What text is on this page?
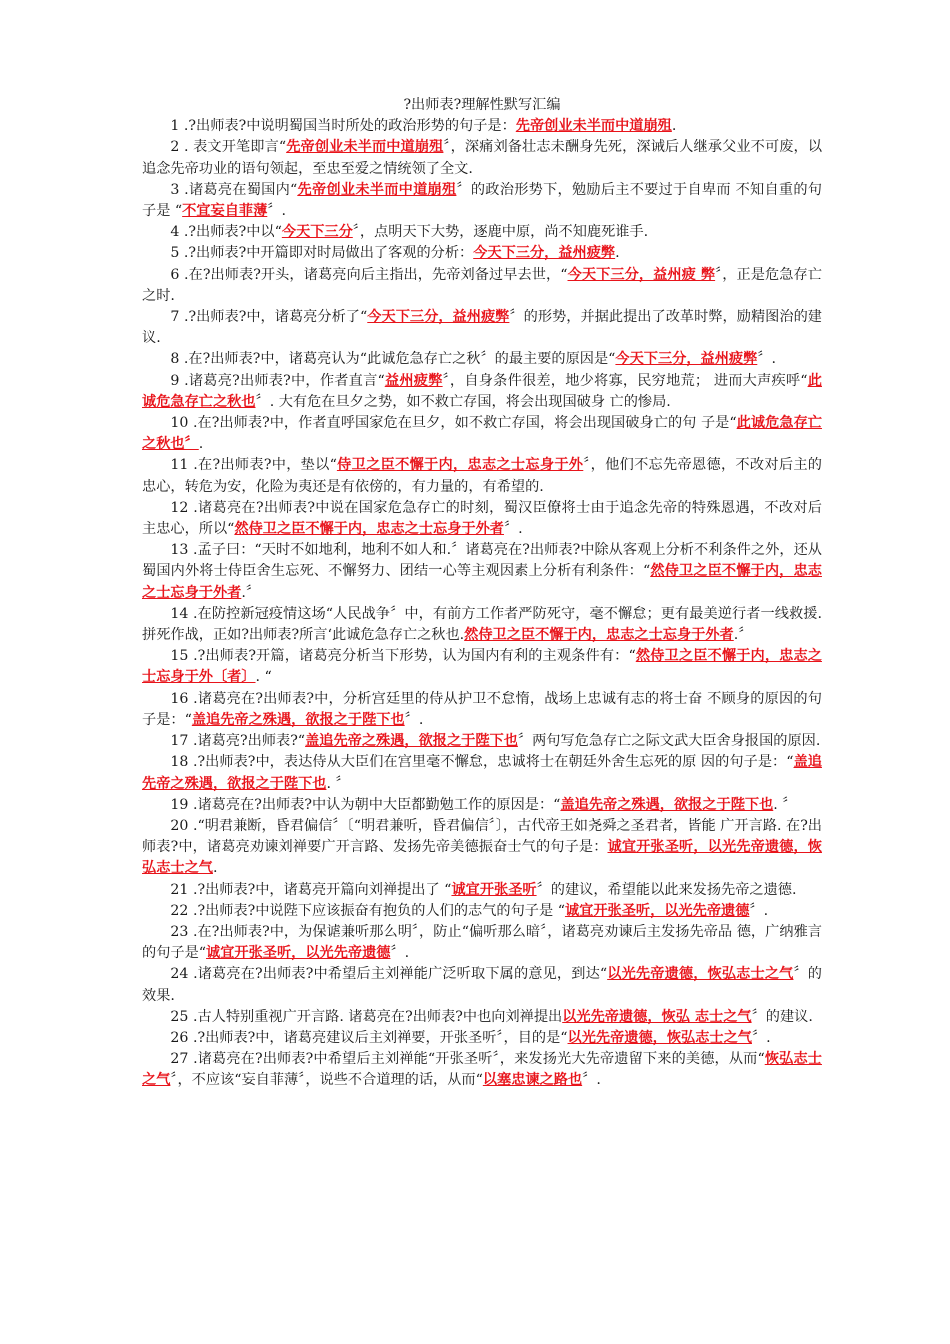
?出师表?理解性默写汇编

1 .?出师表?中说明蜀国当时所处的政治形势的句子是：先帝创业未半而中道崩殂.

2 . 表文开笔即言“先帝创业未半而中道崩殂〞，深痛刘备壮志未酬身先死，深诫后人继承父业不可废，以追念先帝功业的语句领起，至忠至爱之情统领了全文.

3 .诸葛亮在蜀国内“先帝创业未半而中道崩殂〞的政治形势下，勉励后主不要过于自卑而 不知自重的句子是 “不宜妄自菲薄〞.

4 .?出师表?中以“今天下三分〞，点明天下大势，逐鹿中原，尚不知鹿死谁手.

5 .?出师表?中开篇即对时局做出了客观的分析：今天下三分，益州疲弊.

6 .在?出师表?开头，诸葛亮向后主指出，先帝刘备过早去世，“今天下三分，益州疲 弊〞，正是危急存亡之时.

7 .?出师表?中，诸葛亮分析了“今天下三分，益州疲弊〞的形势，并据此提出了改革时弊，励精图治的建议.

8 .在?出师表?中，诸葛亮认为“此诚危急存亡之秋〞的最主要的原因是“今天下三分，益州疲弊〞.

9 .诸葛亮?出师表?中，作者直言“益州疲弊〞，自身条件很差，地少将寡，民穷地荒； 进而大声疾呼“此诚危急存亡之秋也〞. 大有危在旦夕之势，如不救亡存国，将会出现国破身 亡的惨局.

10 .在?出师表?中，作者直呼国家危在旦夕，如不救亡存国，将会出现国破身亡的句 子是“此诚危急存亡之秋也〞.

11 .在?出师表?中，垫以“侍卫之臣不懈于内，忠志之士忘身于外〞，他们不忘先帝恩德，不改对后主的忠心，转危为安，化险为夷还是有依傍的，有力量的，有希望的.

12 .诸葛亮在?出师表?中说在国家危急存亡的时刻，蜀汉臣僚将士由于追念先帝的特殊恩遇，不改对后主忠心，所以“然侍卫之臣不懈于内，忠志之士忘身于外者〞.

13 .孟子曰：“天时不如地利，地利不如人和.〞诸葛亮在?出师表?中除从客观上分析不利条件之外，还从蜀国内外将士侍臣舍生忘死、不懈努力、团结一心等主观因素上分析有利条件：“然侍卫之臣不懈于内，忠志之士忘身于外者.〞

14 .在防控新冠疫情这场“人民战争〞中，有前方工作者严防死守，毫不懈怠；更有最美逆行者一线救援.拼死作战，正如?出师表?所言‘此诚危急存亡之秋也.然侍卫之臣不懈于内，忠志之士忘身于外者.〞

15 .?出师表?开篇，诸葛亮分析当下形势，认为国内有利的主观条件有：“然侍卫之臣不懈于内，忠志之士忘身于外〔者〕. “

16 .诸葛亮在?出师表?中，分析宫廷里的侍从护卫不怠惰，战场上忠诚有志的将士奋 不顾身的原因的句子是：“盖追先帝之殊遇，欲报之于陛下也〞.

17 .诸葛亮?出师表?“盖追先帝之殊遇，欲报之于陛下也〞两句写危急存亡之际文武大臣舍身报国的原因.

18 .?出师表?中，表达侍从大臣们在宫里毫不懈怠，忠诚将士在朝廷外舍生忘死的原 因的句子是：“盖追先帝之殊遇，欲报之于陛下也. 〞

19 .诸葛亮在?出师表?中认为朝中大臣都勤勉工作的原因是：“盖追先帝之殊遇，欲报之于陛下也. 〞

20 .“明君兼断，昏君偏信〞〔“明君兼听，昏君偏信〞〕，古代帝王如尧舜之圣君者，皆能 广开言路. 在?出师表?中，诸葛亮劝谏刘禅要广开言路、发扬先帝美德振奋士气的句子是：诚宜开张圣听，以光先帝遗德，恢弘志士之气.

21 .?出师表?中，诸葛亮开篇向刘禅提出了 “诚宜开张圣听〞的建议，希望能以此来发扬先帝之遗德.

22 .?出师表?中说陛下应该振奋有抱负的人们的志气的句子是 “诚宜开张圣听，以光先帝遗德〞.

23 .在?出师表?中，为保谑兼听那么明〞，防止“偏听那么暗〞，诸葛亮劝谏后主发扬先帝品 德，广纳雅言的句子是“诚宜开张圣听，以光先帝遗德〞.

24 .诸葛亮在?出师表?中希望后主刘禅能广泛听取下属的意见，到达“以光先帝遗德，恢弘志士之气〞的效果.

25 .古人特别重视广开言路. 诸葛亮在?出师表?中也向刘禅提出以光先帝遗德，恢弘 志士之气〞的建议.

26 .?出师表?中，诸葛亮建议后主刘禅要，开张圣听〞，目的是“以光先帝遗德，恢弘志士之气〞.

27 .诸葛亮在?出师表?中希望后主刘禅能“开张圣听〞，来发扬光大先帝遗留下来的美德，从而“恢弘志士之气〞，不应该“妄自菲薄〞，说些不合道理的话，从而“以塞忠谏之路也〞.
